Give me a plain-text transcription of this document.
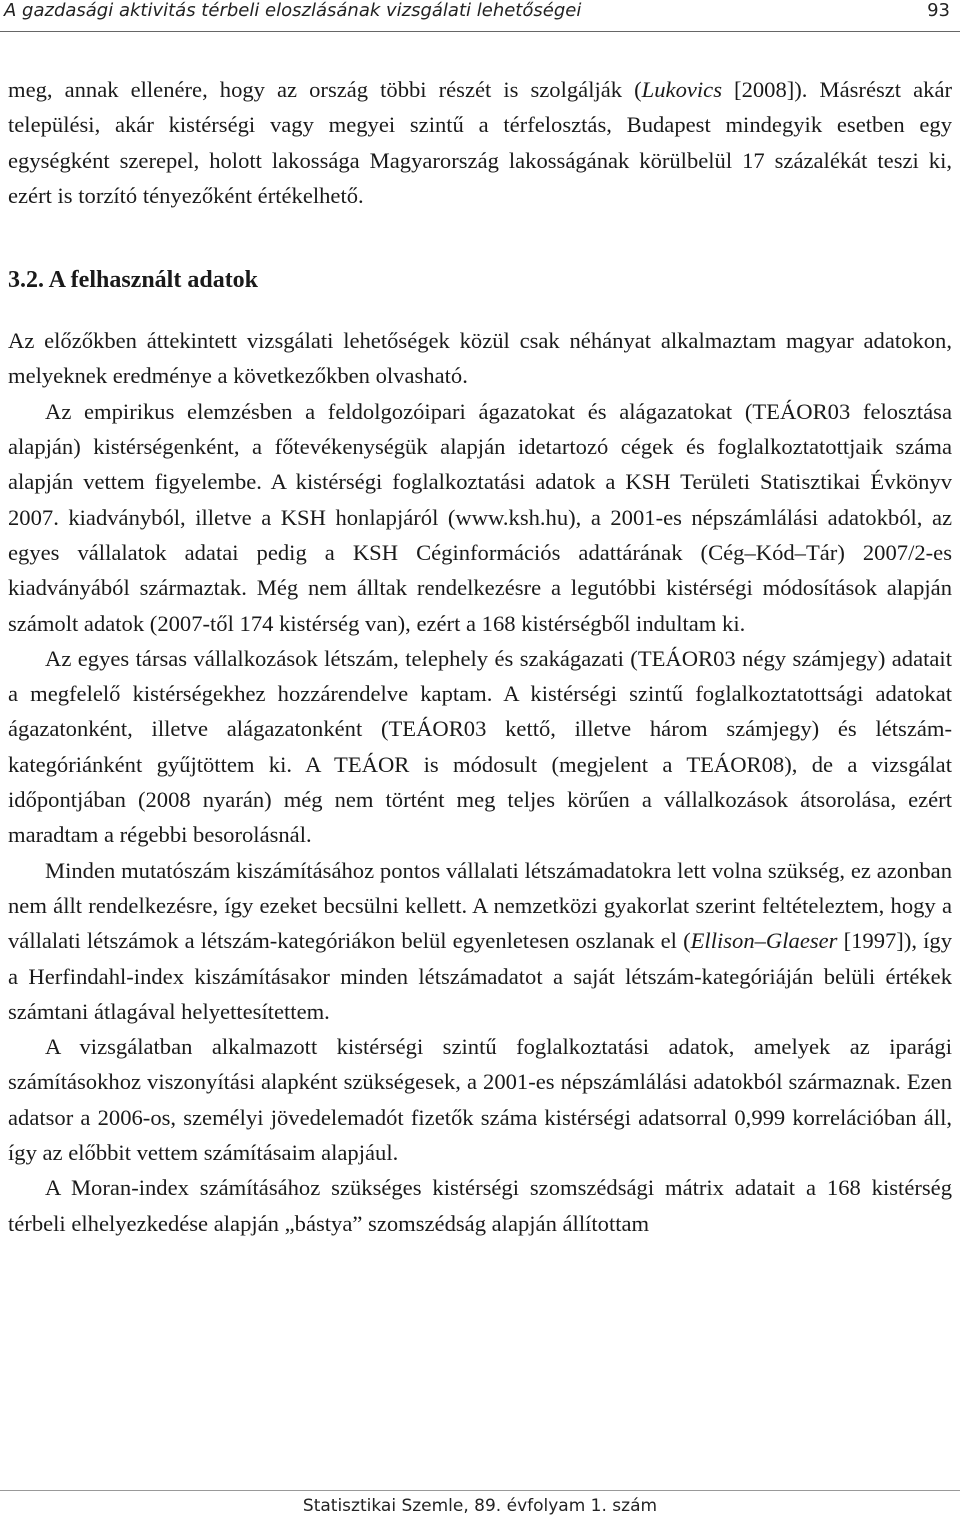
A gazdasági aktivitás térbeli eloszlásának vizsgálati lehetőségei	93

meg, annak ellenére, hogy az ország többi részét is szolgálják (Lukovics [2008]). Másrészt akár települési, akár kistérségi vagy megyei szintű a térfelosztás, Budapest mindegyik esetben egy egységként szerepel, holott lakossága Magyarország lakosságának körülbelül 17 százalékát teszi ki, ezért is torzító tényezőként értékelhető.

3.2. A felhasznált adatok

Az előzőkben áttekintett vizsgálati lehetőségek közül csak néhányat alkalmaztam magyar adatokon, melyeknek eredménye a következőkben olvasható.

Az empirikus elemzésben a feldolgozóipari ágazatokat és alágazatokat (TEÁOR03 felosztása alapján) kistérségenként, a főtevékenységük alapján idetartozó cégek és foglalkoztatottjaik száma alapján vettem figyelembe. A kistérségi foglalkoztatási adatok a KSH Területi Statisztikai Évkönyv 2007. kiadványból, illetve a KSH honlapjáról (www.ksh.hu), a 2001-es népszámlálási adatokból, az egyes vállalatok adatai pedig a KSH Céginformációs adattárának (Cég–Kód–Tár) 2007/2-es kiadványából származtak. Még nem álltak rendelkezésre a legutóbbi kistérségi módosítások alapján számolt adatok (2007-től 174 kistérség van), ezért a 168 kistérségből indultam ki.

Az egyes társas vállalkozások létszám, telephely és szakágazati (TEÁOR03 négy számjegy) adatait a megfelelő kistérségekhez hozzárendelve kaptam. A kistérségi szintű foglalkoztatottsági adatokat ágazatonként, illetve alágazatonként (TEÁOR03 kettő, illetve három számjegy) és létszám-kategóriánként gyűjtöttem ki. A TEÁOR is módosult (megjelent a TEÁOR08), de a vizsgálat időpontjában (2008 nyarán) még nem történt meg teljes körűen a vállalkozások átsorolása, ezért maradtam a régebbi besorolásnál.

Minden mutatószám kiszámításához pontos vállalati létszámadatokra lett volna szükség, ez azonban nem állt rendelkezésre, így ezeket becsülni kellett. A nemzetközi gyakorlat szerint feltételeztem, hogy a vállalati létszámok a létszám-kategóriákon belül egyenletesen oszlanak el (Ellison–Glaeser [1997]), így a Herfindahl-index kiszámításakor minden létszámadatot a saját létszám-kategóriáján belüli értékek számtani átlagával helyettesítettem.

A vizsgálatban alkalmazott kistérségi szintű foglalkoztatási adatok, amelyek az iparági számításokhoz viszonyítási alapként szükségesek, a 2001-es népszámlálási adatokból származnak. Ezen adatsor a 2006-os, személyi jövedelemadót fizetők száma kistérségi adatsorral 0,999 korrelációban áll, így az előbbit vettem számításaim alapjául.

A Moran-index számításához szükséges kistérségi szomszédsági mátrix adatait a 168 kistérség térbeli elhelyezkedése alapján „bástya” szomszédság alapján állítottam

Statisztikai Szemle, 89. évfolyam 1. szám
